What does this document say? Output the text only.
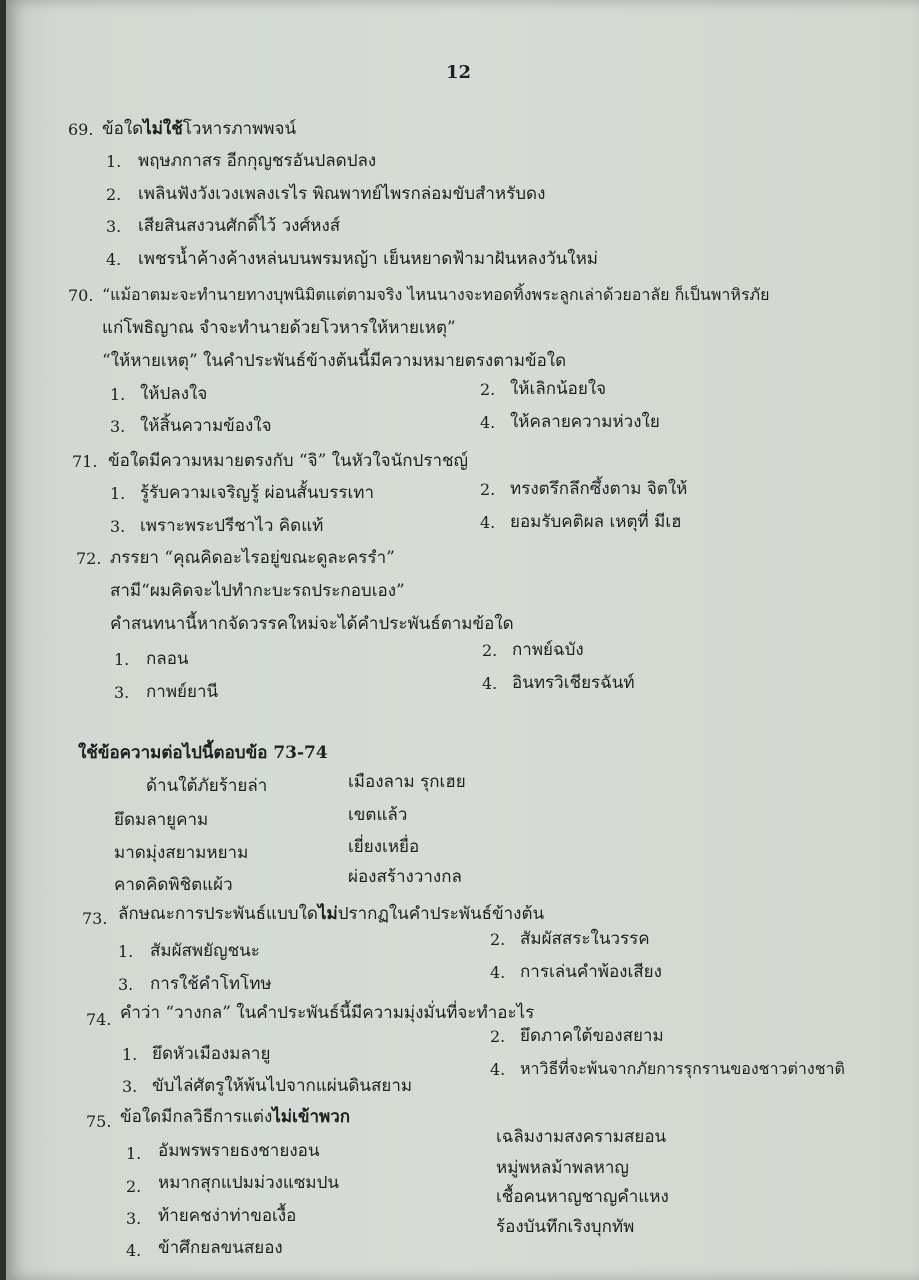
12
69. ข้อใดไม่ใช้โวหารภาพพจน์
1. พฤษภกาสร อีกกุญชรอันปลดปลง
2. เพลินฟังวังเวงเพลงเรไร พิณพาทย์ไพรกล่อมขับสำหรับดง
3. เสียสินสงวนศักดิ์ไว้ วงศ์หงส์
4. เพชรน้ำค้างค้างหล่นบนพรมหญ้า เย็นหยาดฟ้ามาฝันหลงวันใหม่
70. “แม้อาตมะจะทำนายทางบุพนิมิตแต่ตามจริง ไหนนางจะทอดทิ้งพระลูกเล่าด้วยอาลัย ก็เป็นพาหิรภัย
แก่โพธิญาณ จำจะทำนายด้วยโวหารให้หายเหตุ”
“ให้หายเหตุ” ในคำประพันธ์ข้างต้นนี้มีความหมายตรงตามข้อใด
1. ให้ปลงใจ	2. ให้เลิกน้อยใจ
3. ให้สิ้นความข้องใจ	4. ให้คลายความห่วงใย
71. ข้อใดมีความหมายตรงกับ “จิ” ในหัวใจนักปราชญ์
1. รู้รับความเจริญรู้ ผ่อนสั้นบรรเทา	2. ทรงตรึกลึกซึ้งตาม จิตให้
3. เพราะพระปรีชาไว คิดแท้	4. ยอมรับคติผล เหตุที่ มีเฮ
72. ภรรยา “คุณคิดอะไรอยู่ขณะดูละครรำ”
สามี“ผมคิดจะไปทำกะบะรถประกอบเอง”
คำสนทนานี้หากจัดวรรคใหม่จะได้คำประพันธ์ตามข้อใด
1. กลอน	2. กาพย์ฉบัง
3. กาพย์ยานี	4. อินทรวิเชียรฉันท์
ใช้ข้อความต่อไปนี้ตอบข้อ 73-74
ด้านใต้ภัยร้ายล่า	เมืองลาม รุกเฮย
ยึดมลายูคาม	เขตแล้ว
มาดมุ่งสยามหยาม	เยี่ยงเหยื่อ
คาดคิดพิชิตแผ้ว	ผ่องสร้างวางกล
73. ลักษณะการประพันธ์แบบใดไม่ปรากฏในคำประพันธ์ข้างต้น
1. สัมผัสพยัญชนะ
2. สัมผัสสระในวรรค
3. การใช้คำโทโทษ
4. การเล่นคำพ้องเสียง
74. คำว่า “วางกล” ในคำประพันธ์นี้มีความมุ่งมั่นที่จะทำอะไร
1. ยึดหัวเมืองมลายู
2. ยึดภาคใต้ของสยาม
3. ขับไล่ศัตรูให้พ้นไปจากแผ่นดินสยาม
4. หาวิธีที่จะพ้นจากภัยการรุกรานของชาวต่างชาติ
75. ข้อใดมีกลวิธีการแต่งไม่เข้าพวก
1. อัมพรพรายธงชายงอน
เฉลิมงามสงครามสยอน
2. หมากสุกแปมม่วงแซมปน
หมู่พหลม้าพลหาญ
3. ท้ายคชง่าท่าขอเงื้อ
เชื้อคนหาญชาญคำแหง
4. ข้าศึกยลขนสยอง
ร้องบันทึกเริงบุกทัพ
